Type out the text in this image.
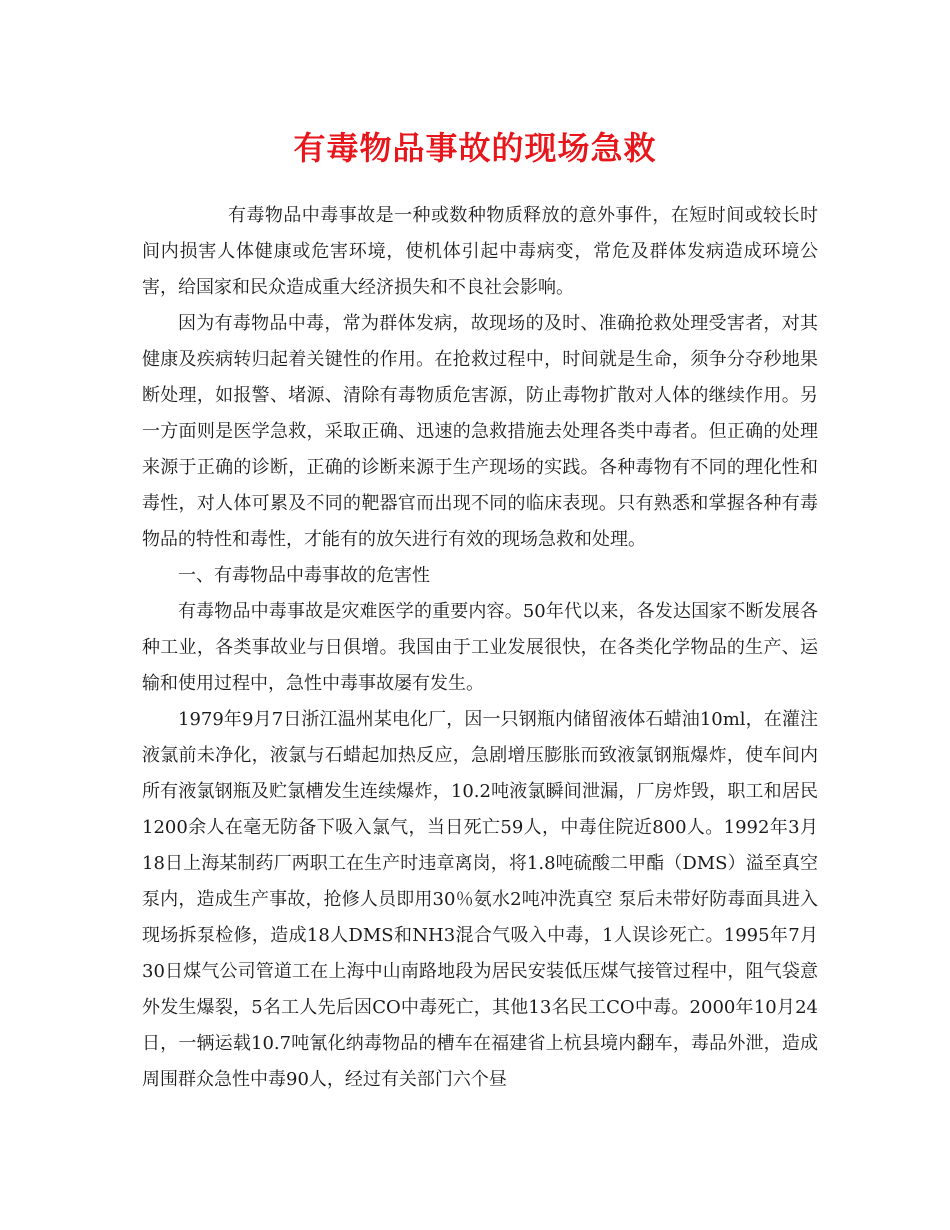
有毒物品事故的现场急救

有毒物品中毒事故是一种或数种物质释放的意外事件，在短时间或较长时间内损害人体健康或危害环境，使机体引起中毒病变，常危及群体发病造成环境公害，给国家和民众造成重大经济损失和不良社会影响。

因为有毒物品中毒，常为群体发病，故现场的及时、准确抢救处理受害者，对其健康及疾病转归起着关键性的作用。在抢救过程中，时间就是生命，须争分夺秒地果断处理，如报警、堵源、清除有毒物质危害源，防止毒物扩散对人体的继续作用。另一方面则是医学急救，采取正确、迅速的急救措施去处理各类中毒者。但正确的处理来源于正确的诊断，正确的诊断来源于生产现场的实践。各种毒物有不同的理化性和毒性，对人体可累及不同的靶器官而出现不同的临床表现。只有熟悉和掌握各种有毒物品的特性和毒性，才能有的放矢进行有效的现场急救和处理。

一、有毒物品中毒事故的危害性

有毒物品中毒事故是灾难医学的重要内容。50年代以来，各发达国家不断发展各种工业，各类事故业与日俱增。我国由于工业发展很快，在各类化学物品的生产、运输和使用过程中，急性中毒事故屡有发生。

1979年9月7日浙江温州某电化厂，因一只钢瓶内储留液体石蜡油10ml，在灌注液氯前未净化，液氯与石蜡起加热反应，急剧增压膨胀而致液氯钢瓶爆炸，使车间内所有液氯钢瓶及贮氯槽发生连续爆炸，10.2吨液氯瞬间泄漏，厂房炸毁，职工和居民1200余人在毫无防备下吸入氯气，当日死亡59人，中毒住院近800人。1992年3月18日上海某制药厂两职工在生产时违章离岗，将1.8吨硫酸二甲酯（DMS）溢至真空泵内，造成生产事故，抢修人员即用30％氨水2吨冲洗真空 泵后未带好防毒面具进入现场拆泵检修，造成18人DMS和NH3混合气吸入中毒，1人误诊死亡。1995年7月30日煤气公司管道工在上海中山南路地段为居民安装低压煤气接管过程中，阻气袋意外发生爆裂，5名工人先后因CO中毒死亡，其他13名民工CO中毒。2000年10月24日，一辆运载10.7吨氰化纳毒物品的槽车在福建省上杭县境内翻车，毒品外泄，造成周围群众急性中毒90人，经过有关部门六个昼
